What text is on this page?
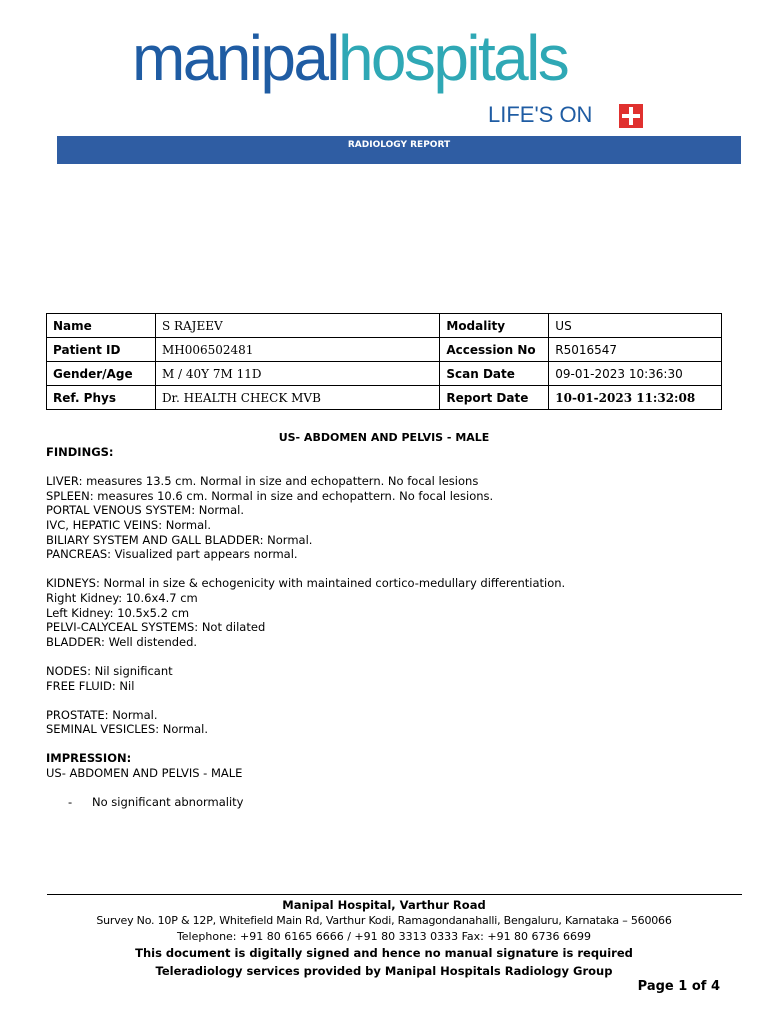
manipalhospitals
LIFE'S ON
RADIOLOGY REPORT
Name	S RAJEEV	Modality	US
Patient ID	MH006502481	Accession No	R5016547
Gender/Age	M / 40Y 7M 11D	Scan Date	09-01-2023 10:36:30
Ref. Phys	Dr. HEALTH CHECK MVB	Report Date	10-01-2023 11:32:08
US- ABDOMEN AND PELVIS - MALE
FINDINGS:
LIVER: measures 13.5 cm. Normal in size and echopattern. No focal lesions
SPLEEN: measures 10.6 cm. Normal in size and echopattern. No focal lesions.
PORTAL VENOUS SYSTEM: Normal.
IVC, HEPATIC VEINS: Normal.
BILIARY SYSTEM AND GALL BLADDER: Normal.
PANCREAS: Visualized part appears normal.
KIDNEYS: Normal in size & echogenicity with maintained cortico-medullary differentiation.
Right Kidney: 10.6x4.7 cm
Left Kidney: 10.5x5.2 cm
PELVI-CALYCEAL SYSTEMS: Not dilated
BLADDER: Well distended.
NODES: Nil significant
FREE FLUID: Nil
PROSTATE: Normal.
SEMINAL VESICLES: Normal.
IMPRESSION:
US- ABDOMEN AND PELVIS - MALE
- No significant abnormality
Manipal Hospital, Varthur Road
Survey No. 10P & 12P, Whitefield Main Rd, Varthur Kodi, Ramagondanahalli, Bengaluru, Karnataka – 560066
Telephone: +91 80 6165 6666 / +91 80 3313 0333 Fax: +91 80 6736 6699
This document is digitally signed and hence no manual signature is required
Teleradiology services provided by Manipal Hospitals Radiology Group
Page 1 of 4
